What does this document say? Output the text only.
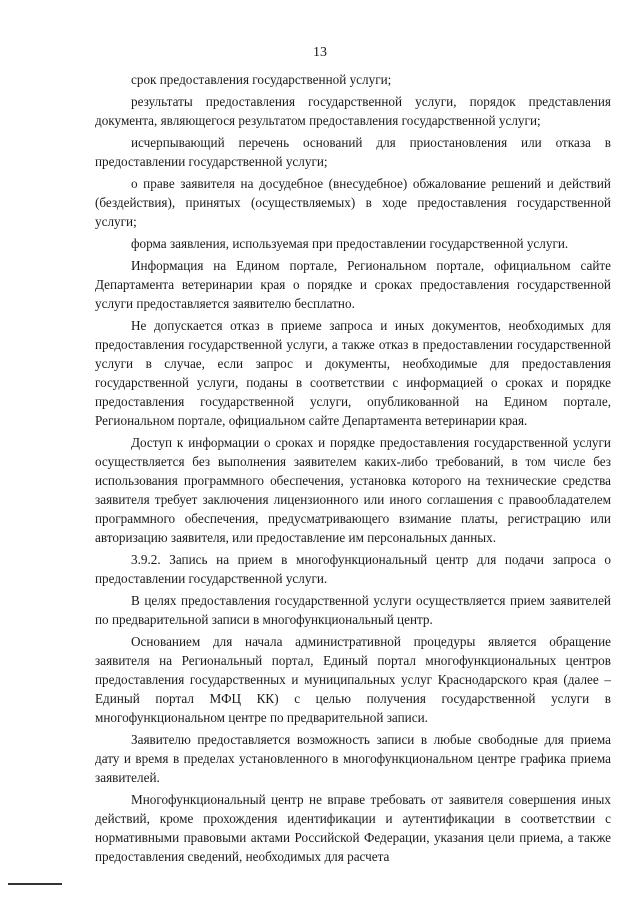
13

срок предоставления государственной услуги;

результаты предоставления государственной услуги, порядок представления документа, являющегося результатом предоставления государственной услуги;

исчерпывающий перечень оснований для приостановления или отказа в предоставлении государственной услуги;

о праве заявителя на досудебное (внесудебное) обжалование решений и действий (бездействия), принятых (осуществляемых) в ходе предоставления государственной услуги;

форма заявления, используемая при предоставлении государственной услуги.

Информация на Едином портале, Региональном портале, официальном сайте Департамента ветеринарии края о порядке и сроках предоставления государственной услуги предоставляется заявителю бесплатно.

Не допускается отказ в приеме запроса и иных документов, необходимых для предоставления государственной услуги, а также отказ в предоставлении государственной услуги в случае, если запрос и документы, необходимые для предоставления государственной услуги, поданы в соответствии с информацией о сроках и порядке предоставления государственной услуги, опубликованной на Едином портале, Региональном портале, официальном сайте Департамента ветеринарии края.

Доступ к информации о сроках и порядке предоставления государственной услуги осуществляется без выполнения заявителем каких-либо требований, в том числе без использования программного обеспечения, установка которого на технические средства заявителя требует заключения лицензионного или иного соглашения с правообладателем программного обеспечения, предусматривающего взимание платы, регистрацию или авторизацию заявителя, или предоставление им персональных данных.

3.9.2. Запись на прием в многофункциональный центр для подачи запроса о предоставлении государственной услуги.

В целях предоставления государственной услуги осуществляется прием заявителей по предварительной записи в многофункциональный центр.

Основанием для начала административной процедуры является обращение заявителя на Региональный портал, Единый портал многофункциональных центров предоставления государственных и муниципальных услуг Краснодарского края (далее – Единый портал МФЦ КК) с целью получения государственной услуги в многофункциональном центре по предварительной записи.

Заявителю предоставляется возможность записи в любые свободные для приема дату и время в пределах установленного в многофункциональном центре графика приема заявителей.

Многофункциональный центр не вправе требовать от заявителя совершения иных действий, кроме прохождения идентификации и аутентификации в соответствии с нормативными правовыми актами Российской Федерации, указания цели приема, а также предоставления сведений, необходимых для расчета
